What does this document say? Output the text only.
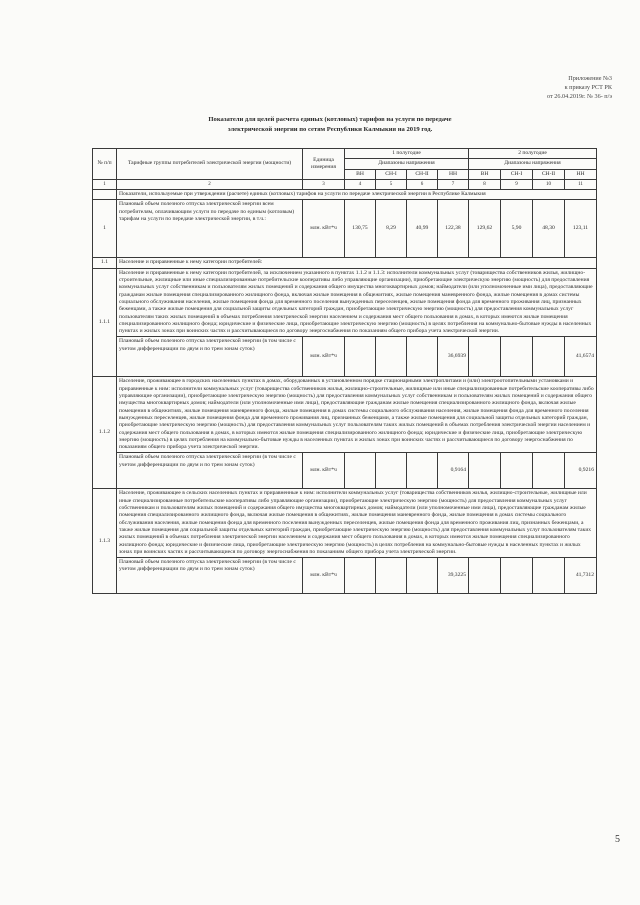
Приложение №3
к приказу РСТ РК
от 26.04.2019г. № 36- п/э
Показатели для целей расчета единых (котловых) тарифов на услуги по передаче
электрической энергии по сетям Республики Калмыкия на 2019 год.
№ п/п	Тарифные группы потребителей электрической энергии (мощности)	Единица измерения	1 полугодие				2 полугодие			
			Диапазоны напряжения				Диапазоны напряжения			
			ВН	СН-I	СН-II	НН	ВН	СН-I	СН-II	НН
1	2	3	4	5	6	7	8	9	10	11
	Показатели, используемые при утверждении (расчете) единых (котловых) тарифов на услуги по передаче электрической энергии в Республике Калмыкия									
1	Плановый объем полезного отпуска электрической энергии всем потребителям, оплачивающим услуги по передаче по единым (котловым) тарифам на услуги по передаче электрической энергии, в т.ч.:	млн. кВт*ч	130,75	8,29	40,99	122,38	129,62	5,90	48,30	123,11
1.1	Население и приравненные к нему категории потребителей:									
1.1.1	Население и приравненные к нему категории потребителей, за исключением указанного в пунктах 1.1.2 и 1.1.3: исполнители коммунальных услуг (товарищества собственников жилья, жилищно-строительные, жилищные или иные специализированные потребительские кооперативы либо управляющие организации), приобретающие электрическую энергию (мощность) для предоставления коммунальных услуг собственникам и пользователям жилых помещений и содержания общего имущества многоквартирных домов; наймодатели (или уполномоченные ими лица), предоставляющие гражданам жилые помещения специализированного жилищного фонда, включая жилые помещения в общежитиях, жилые помещения маневренного фонда, жилые помещения в домах системы социального обслуживания населения, жилые помещения фонда для временного поселения вынужденных переселенцев, жилые помещения фонда для временного проживания лиц, признанных беженцами, а также жилые помещения для социальной защиты отдельных категорий граждан, приобретающие электрическую энергию (мощность) для предоставления коммунальных услуг пользователям таких жилых помещений в объемах потребления электрической энергии населением и содержания мест общего пользования в домах, в которых имеются жилые помещения специализированного жилищного фонда; юридические и физические лица, приобретающие электрическую энергию (мощность) в целях потребления на коммунально-бытовые нужды в населенных пунктах и жилых зонах при воинских частях и рассчитывающиеся по договору энергоснабжения по показаниям общего прибора учета электрической энергии.									
	Плановый объем полезного отпуска электрической энергии (в том числе с учетом дифференциации по двум и по трем зонам суток)	млн. кВт*ч				36,6939				41,6574
1.1.2	Население, проживающее в городских населенных пунктах в домах, оборудованных в установленном порядке стационарными электроплитами и (или) электроотопительными установками и приравненные к ним: исполнители коммунальных услуг (товарищества собственников жилья, жилищно-строительные, жилищные или иные специализированные потребительские кооперативы либо управляющие организации), приобретающие электрическую энергию (мощность) для предоставления коммунальных услуг собственникам и пользователям жилых помещений и содержания общего имущества многоквартирных домов; наймодатели (или уполномоченные ими лица), предоставляющие гражданам жилые помещения специализированного жилищного фонда, включая жилые помещения в общежитиях, жилые помещения маневренного фонда, жилые помещения в домах системы социального обслуживания населения, жилые помещения фонда для временного поселения вынужденных переселенцев, жилые помещения фонда для временного проживания лиц, признанных беженцами, а также жилые помещения для социальной защиты отдельных категорий граждан, приобретающие электрическую энергию (мощность) для предоставления коммунальных услуг пользователям таких жилых помещений в объемах потребления электрической энергии населением и содержания мест общего пользования в домах, в которых имеются жилые помещения специализированного жилищного фонда; юридические и физические лица, приобретающие электрическую энергию (мощность) в целях потребления на коммунально-бытовые нужды в населенных пунктах и жилых зонах при воинских частях и рассчитывающиеся по договору энергоснабжения по показаниям общего прибора учета электрической энергии.									
	Плановый объем полезного отпуска электрической энергии (в том числе с учетом дифференциации по двум и по трем зонам суток)	млн. кВт*ч				0,9164				0,9216
1.1.3	Население, проживающее в сельских населенных пунктах и приравненные к ним: исполнители коммунальных услуг (товарищества собственников жилья, жилищно-строительные, жилищные или иные специализированные потребительские кооперативы либо управляющие организации), приобретающие электрическую энергию (мощность) для предоставления коммунальных услуг собственникам и пользователям жилых помещений и содержания общего имущества многоквартирных домов; наймодатели (или уполномоченные ими лица), предоставляющие гражданам жилые помещения специализированного жилищного фонда, включая жилые помещения в общежитиях, жилые помещения маневренного фонда, жилые помещения в домах системы социального обслуживания населения, жилые помещения фонда для временного поселения вынужденных переселенцев, жилые помещения фонда для временного проживания лиц, признанных беженцами, а также жилые помещения для социальной защиты отдельных категорий граждан, приобретающие электрическую энергию (мощность) для предоставления коммунальных услуг пользователям таких жилых помещений в объемах потребления электрической энергии населением и содержания мест общего пользования в домах, в которых имеются жилые помещения специализированного жилищного фонда; юридические и физические лица, приобретающие электрическую энергию (мощность) в целях потребления на коммунально-бытовые нужды в населенных пунктах и жилых зонах при воинских частях и рассчитывающиеся по договору энергоснабжения по показаниям общего прибора учета электрической энергии.									
	Плановый объем полезного отпуска электрической энергии (в том числе с учетом дифференциации по двум и по трем зонам суток)	млн. кВт*ч				39,3225				41,7312
5
